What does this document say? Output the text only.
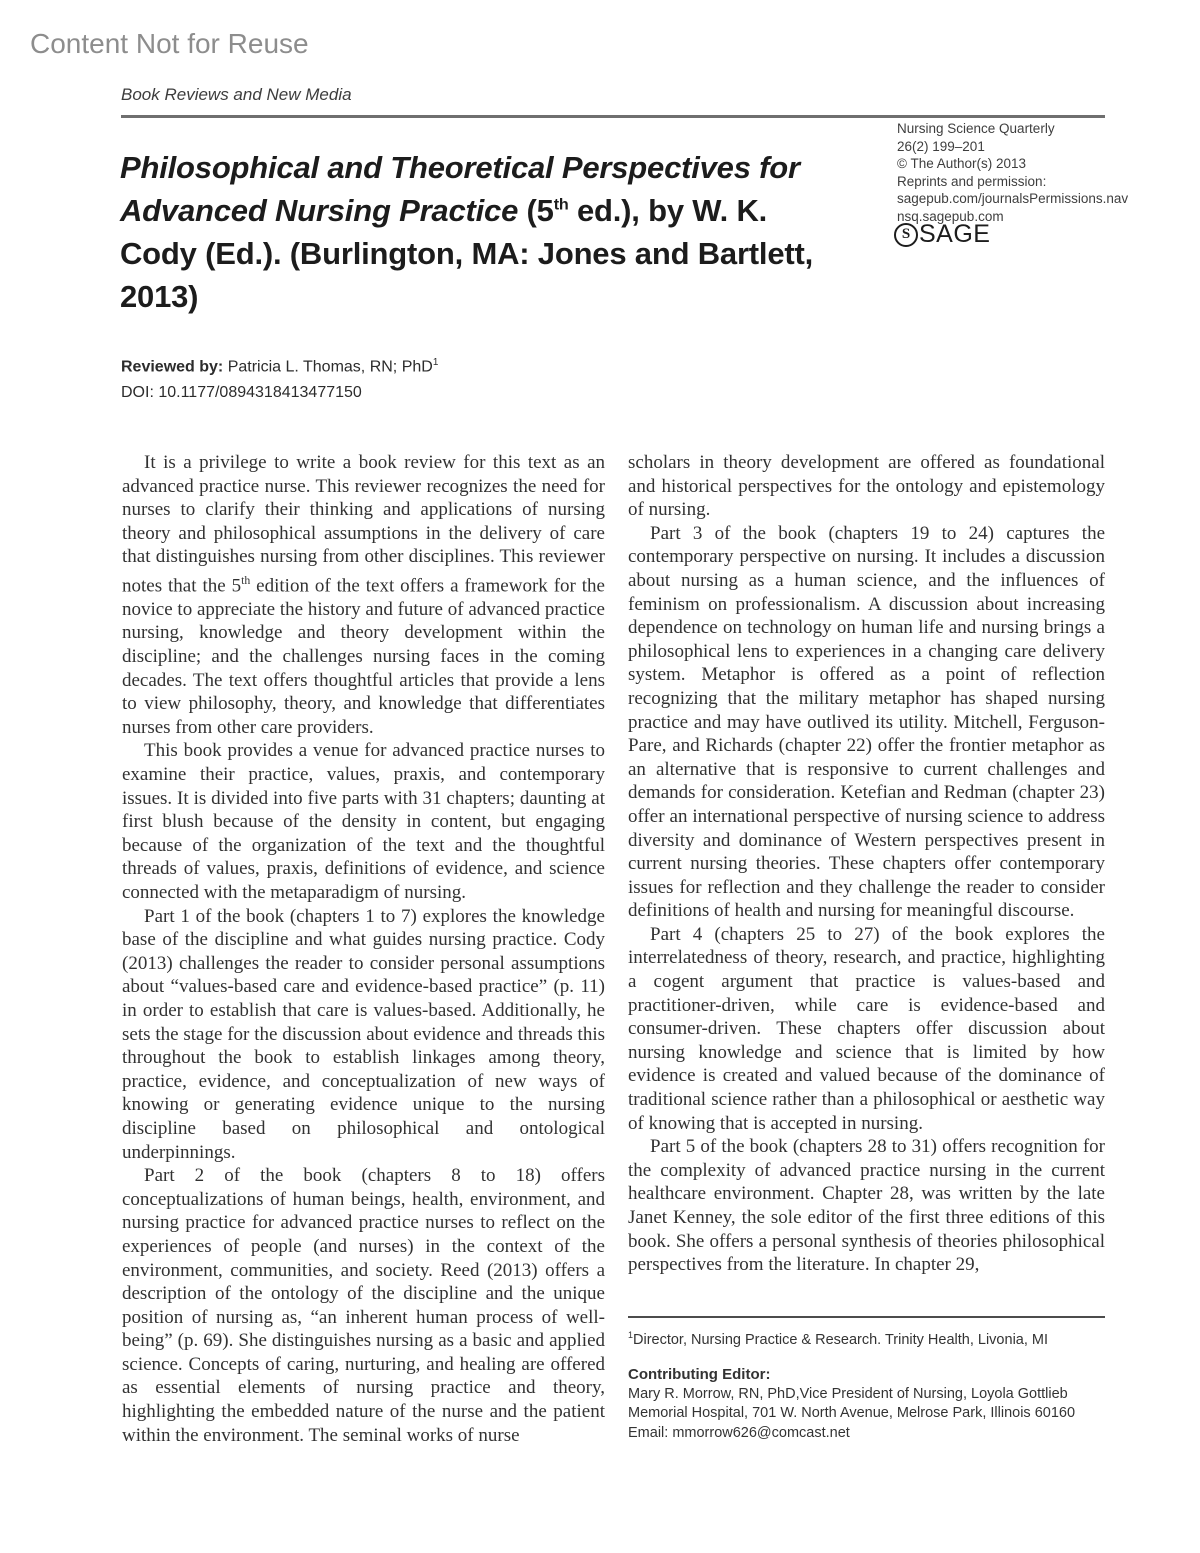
Content Not for Reuse
Book Reviews and New Media
Philosophical and Theoretical Perspectives for Advanced Nursing Practice (5th ed.), by W. K. Cody (Ed.). (Burlington, MA: Jones and Bartlett, 2013)
Nursing Science Quarterly
26(2) 199–201
© The Author(s) 2013
Reprints and permission:
sagepub.com/journalsPermissions.nav
nsq.sagepub.com
S SAGE
Reviewed by: Patricia L. Thomas, RN; PhD$^1$
DOI: 10.1177/0894318413477150

It is a privilege to write a book review for this text as an advanced practice nurse. This reviewer recognizes the need for nurses to clarify their thinking and applications of nursing theory and philosophical assumptions in the delivery of care that distinguishes nursing from other disciplines. This reviewer notes that the 5th edition of the text offers a framework for the novice to appreciate the history and future of advanced practice nursing, knowledge and theory development within the discipline; and the challenges nursing faces in the coming decades. The text offers thoughtful articles that provide a lens to view philosophy, theory, and knowledge that differentiates nurses from other care providers.

This book provides a venue for advanced practice nurses to examine their practice, values, praxis, and contemporary issues. It is divided into five parts with 31 chapters; daunting at first blush because of the density in content, but engaging because of the organization of the text and the thoughtful threads of values, praxis, definitions of evidence, and science connected with the metaparadigm of nursing.

Part 1 of the book (chapters 1 to 7) explores the knowledge base of the discipline and what guides nursing practice. Cody (2013) challenges the reader to consider personal assumptions about “values-based care and evidence-based practice” (p. 11) in order to establish that care is values-based. Additionally, he sets the stage for the discussion about evidence and threads this throughout the book to establish linkages among theory, practice, evidence, and conceptualization of new ways of knowing or generating evidence unique to the nursing discipline based on philosophical and ontological underpinnings.

Part 2 of the book (chapters 8 to 18) offers conceptualizations of human beings, health, environment, and nursing practice for advanced practice nurses to reflect on the experiences of people (and nurses) in the context of the environment, communities, and society. Reed (2013) offers a description of the ontology of the discipline and the unique position of nursing as, “an inherent human process of well-being” (p. 69). She distinguishes nursing as a basic and applied science. Concepts of caring, nurturing, and healing are offered as essential elements of nursing practice and theory, highlighting the embedded nature of the nurse and the patient within the environment. The seminal works of nurse

scholars in theory development are offered as foundational and historical perspectives for the ontology and epistemology of nursing.

Part 3 of the book (chapters 19 to 24) captures the contemporary perspective on nursing. It includes a discussion about nursing as a human science, and the influences of feminism on professionalism. A discussion about increasing dependence on technology on human life and nursing brings a philosophical lens to experiences in a changing care delivery system. Metaphor is offered as a point of reflection recognizing that the military metaphor has shaped nursing practice and may have outlived its utility. Mitchell, Ferguson-Pare, and Richards (chapter 22) offer the frontier metaphor as an alternative that is responsive to current challenges and demands for consideration. Ketefian and Redman (chapter 23) offer an international perspective of nursing science to address diversity and dominance of Western perspectives present in current nursing theories. These chapters offer contemporary issues for reflection and they challenge the reader to consider definitions of health and nursing for meaningful discourse.

Part 4 (chapters 25 to 27) of the book explores the interrelatedness of theory, research, and practice, highlighting a cogent argument that practice is values-based and practitioner-driven, while care is evidence-based and consumer-driven. These chapters offer discussion about nursing knowledge and science that is limited by how evidence is created and valued because of the dominance of traditional science rather than a philosophical or aesthetic way of knowing that is accepted in nursing.

Part 5 of the book (chapters 28 to 31) offers recognition for the complexity of advanced practice nursing in the current healthcare environment. Chapter 28, was written by the late Janet Kenney, the sole editor of the first three editions of this book. She offers a personal synthesis of theories philosophical perspectives from the literature. In chapter 29,

$^1$Director, Nursing Practice & Research. Trinity Health, Livonia, MI
Contributing Editor:
Mary R. Morrow, RN, PhD,Vice President of Nursing, Loyola Gottlieb Memorial Hospital, 701 W. North Avenue, Melrose Park, Illinois 60160 Email: mmorrow626@comcast.net
